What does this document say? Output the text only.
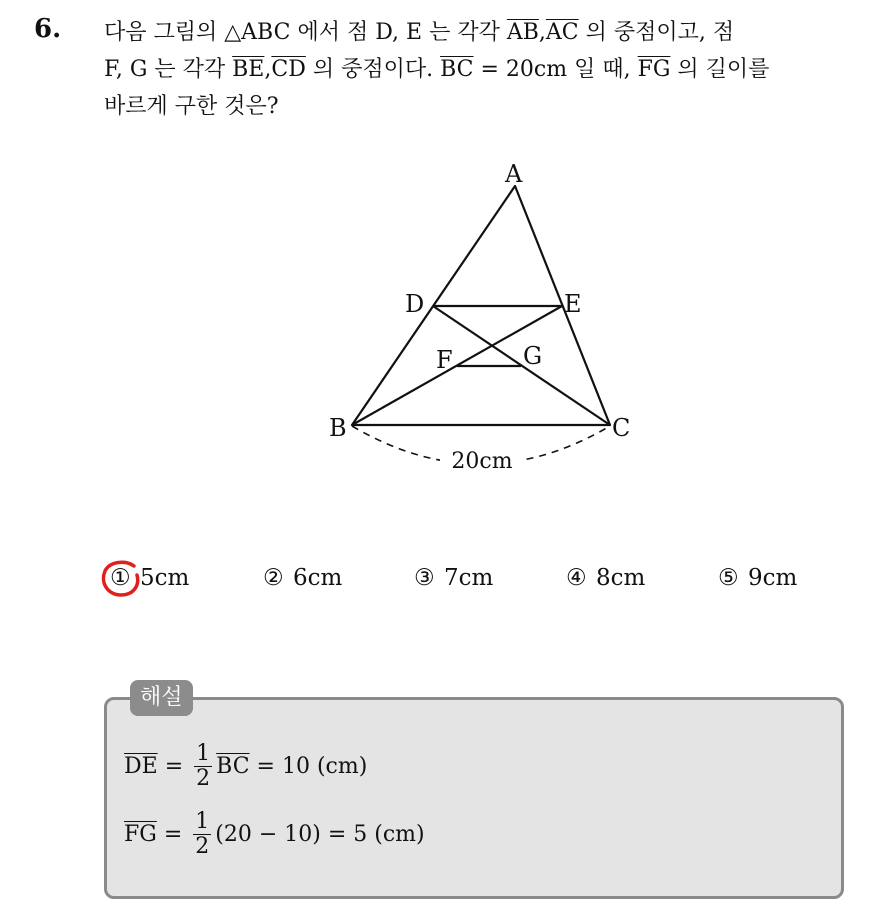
6. 다음 그림의 △ABC 에서 점 D, E 는 각각 $\overline{AB},\overline{AC}$ 의 중점이고, 점
F, G 는 각각 $\overline{BE},\overline{CD}$ 의 중점이다. $\overline{BC} = 20cm$ 일 때, $\overline{FG}$ 의 길이를
바르게 구한 것은?
A
B	C
D	E
F	G
20cm
① 5cm	② 6cm	③ 7cm	④ 8cm	⑤ 9cm
해설
$\overline{DE} = \frac{1}{2} \overline{BC} = 10$ (cm)
$\overline{FG} = \frac{1}{2} (20 - 10) = 5$ (cm)
